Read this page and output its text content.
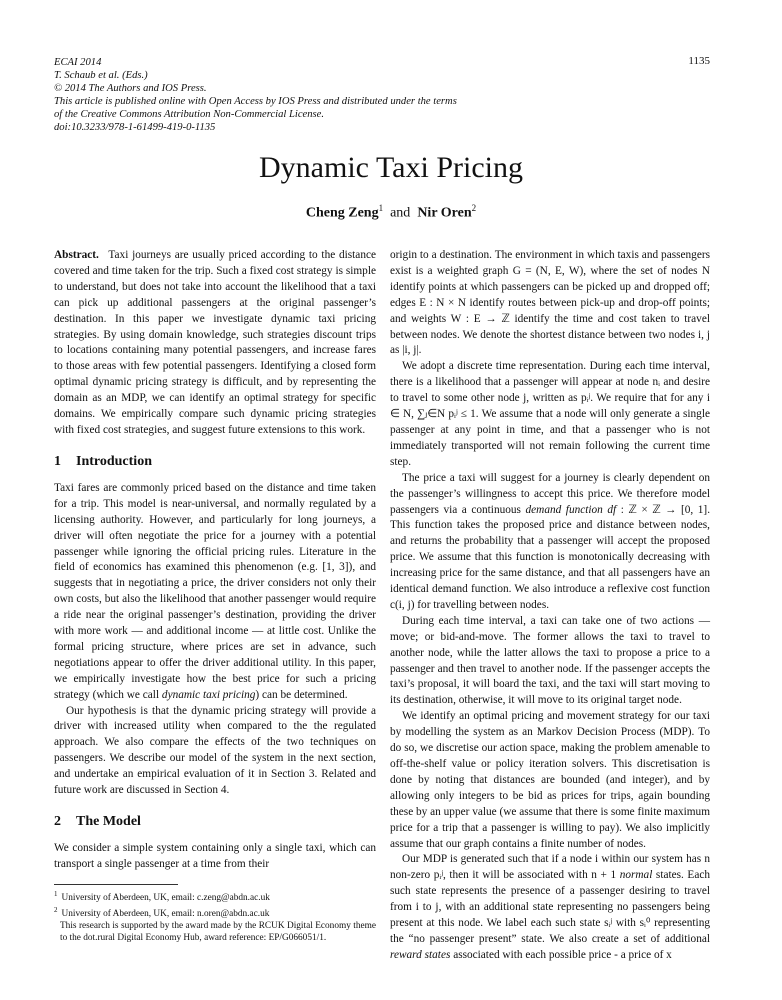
ECAI 2014
T. Schaub et al. (Eds.)
© 2014 The Authors and IOS Press.
This article is published online with Open Access by IOS Press and distributed under the terms
of the Creative Commons Attribution Non-Commercial License.
doi:10.3233/978-1-61499-419-0-1135
1135
Dynamic Taxi Pricing
Cheng Zeng$^1$ and Nir Oren$^2$

Abstract. Taxi journeys are usually priced according to the distance covered and time taken for the trip. Such a fixed cost strategy is simple to understand, but does not take into account the likelihood that a taxi can pick up additional passengers at the original passenger’s destination. In this paper we investigate dynamic taxi pricing strategies. By using domain knowledge, such strategies discount trips to locations containing many potential passengers, and increase fares to those areas with few potential passengers. Identifying a closed form optimal dynamic pricing strategy is difficult, and by representing the domain as an MDP, we can identify an optimal strategy for specific domains. We empirically compare such dynamic pricing strategies with fixed cost strategies, and suggest future extensions to this work.

1 Introduction

Taxi fares are commonly priced based on the distance and time taken for a trip. This model is near-universal, and normally regulated by a licensing authority. However, and particularly for long journeys, a driver will often negotiate the price for a journey with a potential passenger while ignoring the official pricing rules. Literature in the field of economics has examined this phenomenon (e.g. [1, 3]), and suggests that in negotiating a price, the driver considers not only their own costs, but also the likelihood that another passenger would require a ride near the original passenger’s destination, providing the driver with more work — and additional income — at little cost. Unlike the formal pricing structure, where prices are set in advance, such negotiations appear to offer the driver additional utility. In this paper, we empirically investigate how the best price for such a pricing strategy (which we call dynamic taxi pricing) can be determined.

Our hypothesis is that the dynamic pricing strategy will provide a driver with increased utility when compared to the the regulated approach. We also compare the effects of the two techniques on passengers. We describe our model of the system in the next section, and undertake an empirical evaluation of it in Section 3. Related and future work are discussed in Section 4.

2 The Model

We consider a simple system containing only a single taxi, which can transport a single passenger at a time from their

$^1$ University of Aberdeen, UK, email: c.zeng@abdn.ac.uk
$^2$ University of Aberdeen, UK, email: n.oren@abdn.ac.uk
This research is supported by the award made by the RCUK Digital Economy theme to the dot.rural Digital Economy Hub, award reference: EP/G066051/1.

origin to a destination. The environment in which taxis and passengers exist is a weighted graph G = (N, E, W), where the set of nodes N identify points at which passengers can be picked up and dropped off; edges E : N × N identify routes between pick-up and drop-off points; and weights W : E → ℤ identify the time and cost taken to travel between nodes. We denote the shortest distance between two nodes i, j as |i, j|.

We adopt a discrete time representation. During each time interval, there is a likelihood that a passenger will appear at node nᵢ and desire to travel to some other node j, written as pᵢʲ. We require that for any i ∈ N, ∑ⱼ∈N pᵢʲ ≤ 1. We assume that a node will only generate a single passenger at any point in time, and that a passenger who is not immediately transported will not remain following the current time step.

The price a taxi will suggest for a journey is clearly dependent on the passenger’s willingness to accept this price. We therefore model passengers via a continuous demand function df : ℤ × ℤ → [0, 1]. This function takes the proposed price and distance between nodes, and returns the probability that a passenger will accept the proposed price. We assume that this function is monotonically decreasing with increasing price for the same distance, and that all passengers have an identical demand function. We also introduce a reflexive cost function c(i, j) for travelling between nodes.

During each time interval, a taxi can take one of two actions — move; or bid-and-move. The former allows the taxi to travel to another node, while the latter allows the taxi to propose a price to a passenger and then travel to another node. If the passenger accepts the taxi’s proposal, it will board the taxi, and the taxi will start moving to its destination, otherwise, it will move to its original target node.

We identify an optimal pricing and movement strategy for our taxi by modelling the system as an Markov Decision Process (MDP). To do so, we discretise our action space, making the problem amenable to off-the-shelf value or policy iteration solvers. This discretisation is done by noting that distances are bounded (and integer), and by allowing only integers to be bid as prices for trips, again bounding these by an upper value (we assume that there is some finite maximum price for a trip that a passenger is willing to pay). We also implicitly assume that our graph contains a finite number of nodes.

Our MDP is generated such that if a node i within our system has n non-zero pᵢʲ, then it will be associated with n + 1 normal states. Each such state represents the presence of a passenger desiring to travel from i to j, with an additional state representing no passengers being present at this node. We label each such state sᵢʲ with sᵢ⁰ representing the “no passenger present” state. We also create a set of additional reward states associated with each possible price - a price of x
